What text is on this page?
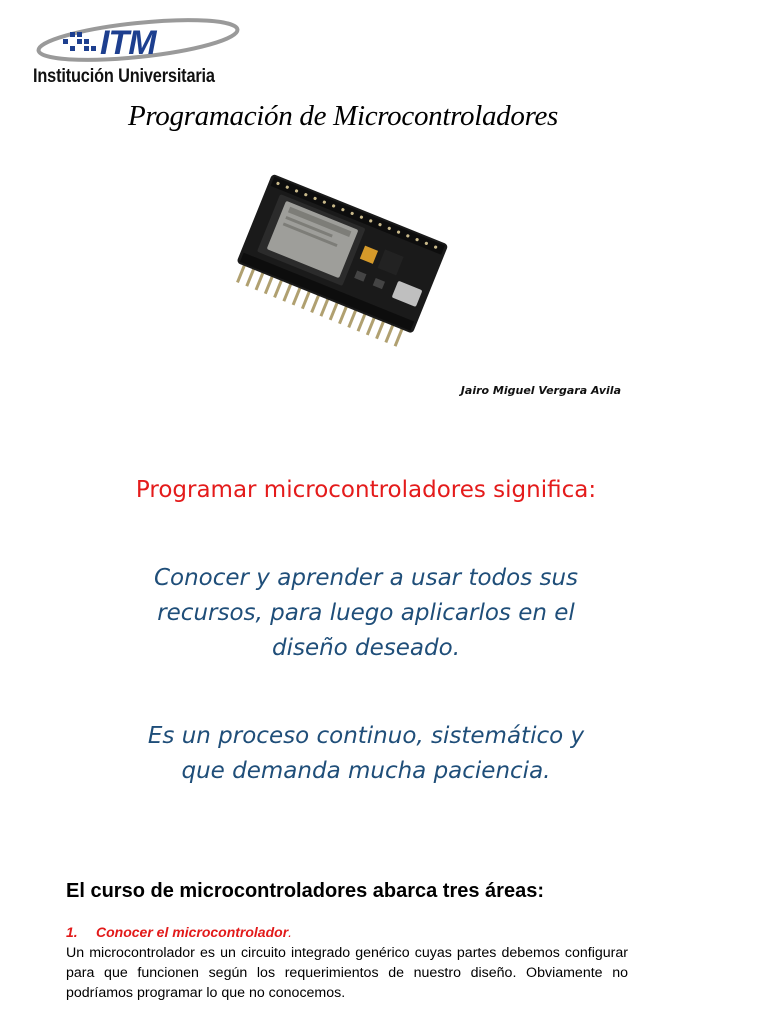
ITM
Institución Universitaria
Programación de Microcontroladores
Jairo Miguel Vergara Avila
Programar microcontroladores significa:
Conocer y aprender a usar todos sus
recursos, para luego aplicarlos en el
diseño deseado.
Es un proceso continuo, sistemático y
que demanda mucha paciencia.
El curso de microcontroladores abarca tres áreas:
1. Conocer el microcontrolador.
Un microcontrolador es un circuito integrado genérico cuyas partes debemos configurar para que funcionen según los requerimientos de nuestro diseño. Obviamente no podríamos programar lo que no conocemos.
